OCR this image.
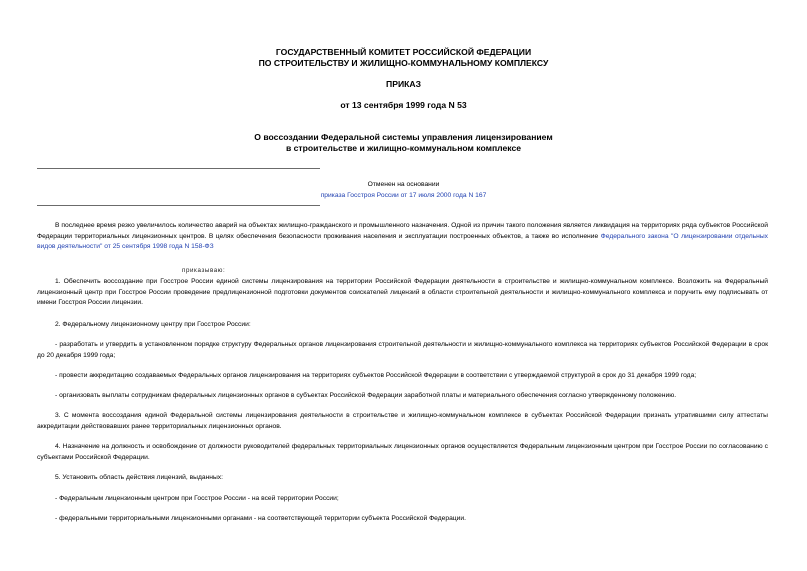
ГОСУДАРСТВЕННЫЙ КОМИТЕТ РОССИЙСКОЙ ФЕДЕРАЦИИ
ПО СТРОИТЕЛЬСТВУ И ЖИЛИЩНО-КОММУНАЛЬНОМУ КОМПЛЕКСУ
ПРИКАЗ
от 13 сентября 1999 года N 53
О воссоздании Федеральной системы управления лицензированием
в строительстве и жилищно-коммунальном комплексе
Отменен на основании
приказа Госстроя России от 17 июля 2000 года N 167
В последнее время резко увеличилось количество аварий на объектах жилищно-гражданского и промышленного назначения. Одной из причин такого положения является ликвидация на территориях ряда субъектов Российской Федерации территориальных лицензионных центров. В целях обеспечения безопасности проживания населения и эксплуатации построенных объектов, а также во исполнение Федерального закона "О лицензировании отдельных видов деятельности" от 25 сентября 1998 года N 158-ФЗ
приказываю:
1. Обеспечить воссоздание при Госстрое России единой системы лицензирования на территории Российской Федерации деятельности в строительстве и жилищно-коммунальном комплексе. Возложить на Федеральный лицензионный центр при Госстрое России проведение предлицензионной подготовки документов соискателей лицензий в области строительной деятельности и жилищно-коммунального комплекса и поручить ему подписывать от имени Госстроя России лицензии.
2. Федеральному лицензионному центру при Госстрое России:
- разработать и утвердить в установленном порядке структуру Федеральных органов лицензирования строительной деятельности и жилищно-коммунального комплекса на территориях субъектов Российской Федерации в срок до 20 декабря 1999 года;
- провести аккредитацию создаваемых Федеральных органов лицензирования на территориях субъектов Российской Федерации в соответствии с утверждаемой структурой в срок до 31 декабря 1999 года;
- организовать выплаты сотрудникам федеральных лицензионных органов в субъектах Российской Федерации заработной платы и материального обеспечения согласно утвержденному положению.
3. С момента воссоздания единой Федеральной системы лицензирования деятельности в строительстве и жилищно-коммунальном комплексе в субъектах Российской Федерации признать утратившими силу аттестаты аккредитации действовавших ранее территориальных лицензионных органов.
4. Назначение на должность и освобождение от должности руководителей федеральных территориальных лицензионных органов осуществляется Федеральным лицензионным центром при Госстрое России по согласованию с субъектами Российской Федерации.
5. Установить область действия лицензий, выданных:
- Федеральным лицензионным центром при Госстрое России - на всей территории России;
- федеральными территориальными лицензионными органами - на соответствующей территории субъекта Российской Федерации.
